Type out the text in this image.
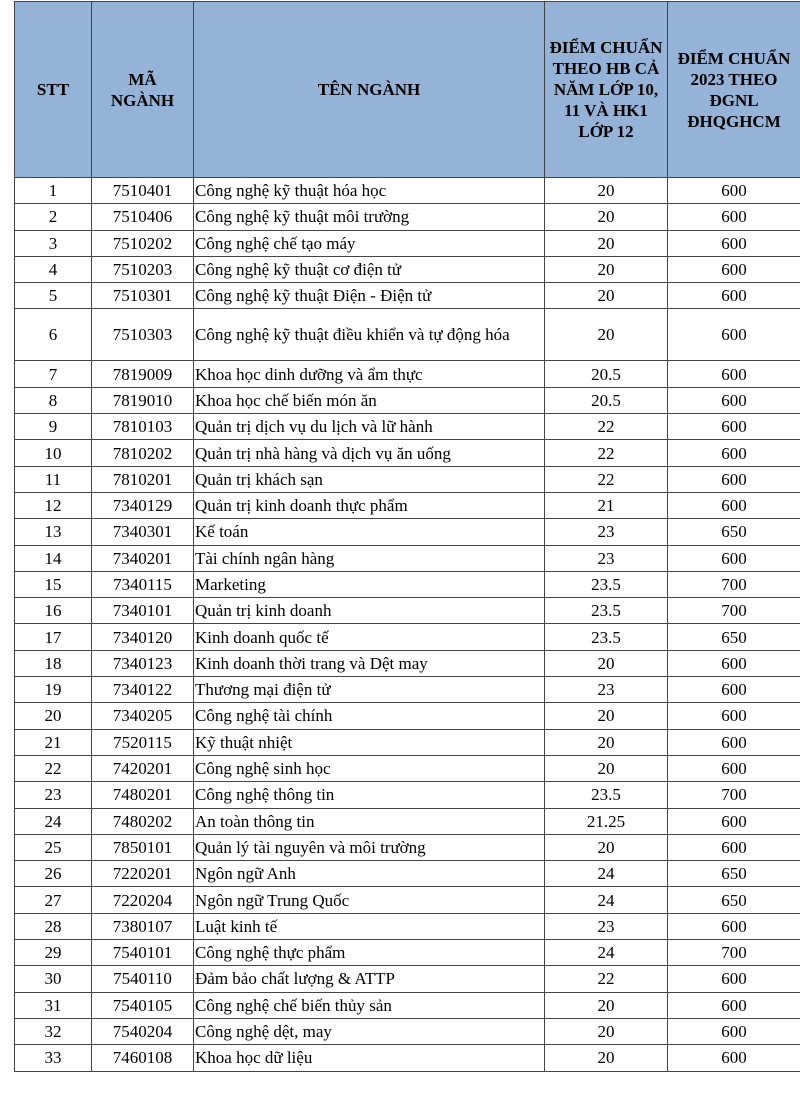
STT	MÃ NGÀNH	TÊN NGÀNH	ĐIỂM CHUẨN THEO HB CẢ NĂM LỚP 10, 11 VÀ HK1 LỚP 12	ĐIỂM CHUẨN 2023 THEO ĐGNL ĐHQGHCM
1	7510401	Công nghệ kỹ thuật hóa học	20	600
2	7510406	Công nghệ kỹ thuật môi trường	20	600
3	7510202	Công nghệ chế tạo máy	20	600
4	7510203	Công nghệ kỹ thuật cơ điện tử	20	600
5	7510301	Công nghệ kỹ thuật Điện - Điện tử	20	600
6	7510303	Công nghệ kỹ thuật điều khiển và tự động hóa	20	600
7	7819009	Khoa học dinh dưỡng và ẩm thực	20.5	600
8	7819010	Khoa học chế biến món ăn	20.5	600
9	7810103	Quản trị dịch vụ du lịch và lữ hành	22	600
10	7810202	Quản trị nhà hàng và dịch vụ ăn uống	22	600
11	7810201	Quản trị khách sạn	22	600
12	7340129	Quản trị kinh doanh thực phẩm	21	600
13	7340301	Kế toán	23	650
14	7340201	Tài chính ngân hàng	23	600
15	7340115	Marketing	23.5	700
16	7340101	Quản trị kinh doanh	23.5	700
17	7340120	Kinh doanh quốc tế	23.5	650
18	7340123	Kinh doanh thời trang và Dệt may	20	600
19	7340122	Thương mại điện tử	23	600
20	7340205	Công nghệ tài chính	20	600
21	7520115	Kỹ thuật nhiệt	20	600
22	7420201	Công nghệ sinh học	20	600
23	7480201	Công nghệ thông tin	23.5	700
24	7480202	An toàn thông tin	21.25	600
25	7850101	Quản lý tài nguyên và môi trường	20	600
26	7220201	Ngôn ngữ Anh	24	650
27	7220204	Ngôn ngữ Trung Quốc	24	650
28	7380107	Luật kinh tế	23	600
29	7540101	Công nghệ thực phẩm	24	700
30	7540110	Đảm bảo chất lượng & ATTP	22	600
31	7540105	Công nghệ chế biến thủy sản	20	600
32	7540204	Công nghệ dệt, may	20	600
33	7460108	Khoa học dữ liệu	20	600
